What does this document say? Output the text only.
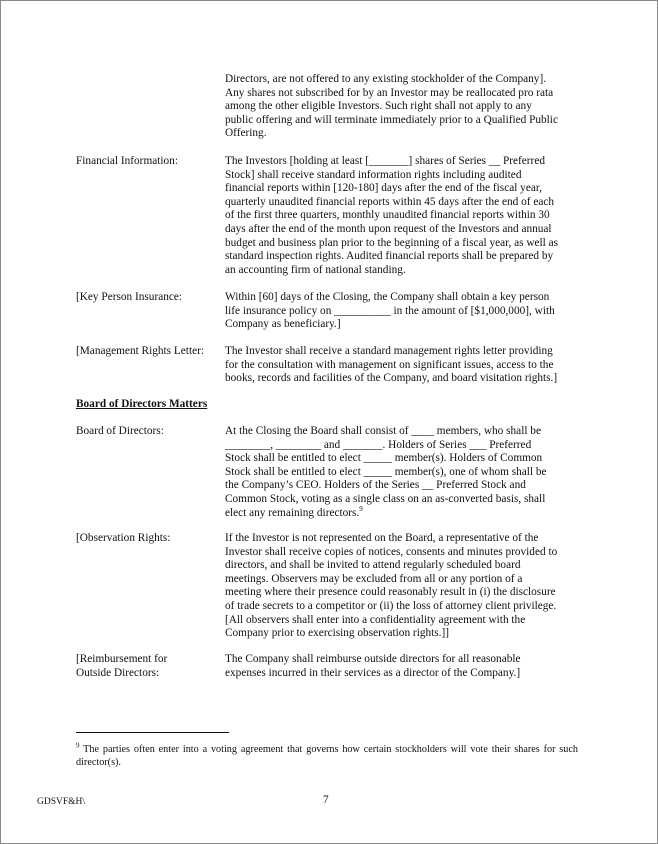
Directors, are not offered to any existing stockholder of the Company].
Any shares not subscribed for by an Investor may be reallocated pro rata
among the other eligible Investors. Such right shall not apply to any
public offering and will terminate immediately prior to a Qualified Public
Offering.
Financial Information:	The Investors [holding at least [_______] shares of Series __ Preferred
Stock] shall receive standard information rights including audited
financial reports within [120-180] days after the end of the fiscal year,
quarterly unaudited financial reports within 45 days after the end of each
of the first three quarters, monthly unaudited financial reports within 30
days after the end of the month upon request of the Investors and annual
budget and business plan prior to the beginning of a fiscal year, as well as
standard inspection rights. Audited financial reports shall be prepared by
an accounting firm of national standing.
[Key Person Insurance:	Within [60] days of the Closing, the Company shall obtain a key person
life insurance policy on __________ in the amount of [$1,000,000], with
Company as beneficiary.]
[Management Rights Letter:	The Investor shall receive a standard management rights letter providing
for the consultation with management on significant issues, access to the
books, records and facilities of the Company, and board visitation rights.]
Board of Directors Matters
Board of Directors:	At the Closing the Board shall consist of ____ members, who shall be
________, ________ and _______. Holders of Series ___ Preferred
Stock shall be entitled to elect _____ member(s). Holders of Common
Stock shall be entitled to elect _____ member(s), one of whom shall be
the Company’s CEO. Holders of the Series __ Preferred Stock and
Common Stock, voting as a single class on an as-converted basis, shall
elect any remaining directors.$^9$
[Observation Rights:	If the Investor is not represented on the Board, a representative of the
Investor shall receive copies of notices, consents and minutes provided to
directors, and shall be invited to attend regularly scheduled board
meetings. Observers may be excluded from all or any portion of a
meeting where their presence could reasonably result in (i) the disclosure
of trade secrets to a competitor or (ii) the loss of attorney client privilege.
[All observers shall enter into a confidentiality agreement with the
Company prior to exercising observation rights.]]
[Reimbursement for
Outside Directors:
The Company shall reimburse outside directors for all reasonable
expenses incurred in their services as a director of the Company.]
$^9$ The parties often enter into a voting agreement that governs how certain stockholders will vote their shares for such director(s).
GDSVF&H\	7
